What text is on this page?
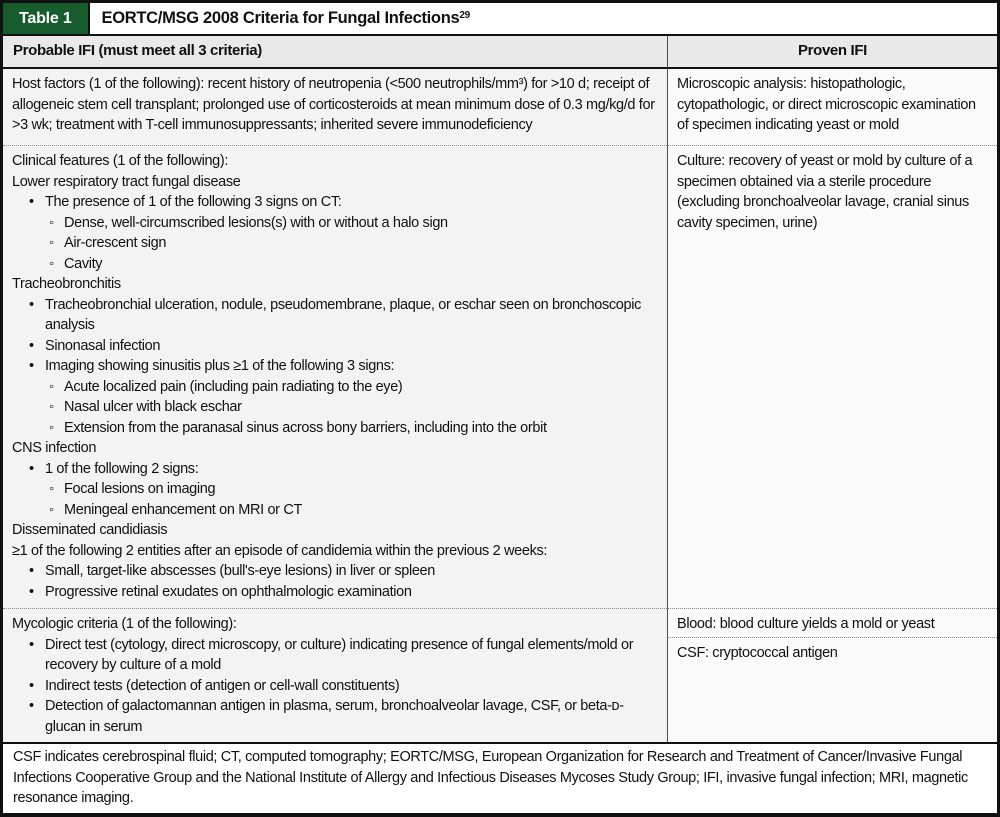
Table 1	EORTC/MSG 2008 Criteria for Fungal Infections 29
Probable IFI (must meet all 3 criteria)	Proven IFI
Host factors (1 of the following): recent history of neutropenia (<500 neutrophils/mm³) for >10 d; receipt of allogeneic stem cell transplant; prolonged use of corticosteroids at mean minimum dose of 0.3 mg/kg/d for >3 wk; treatment with T-cell immunosuppressants; inherited severe immunodeficiency
Microscopic analysis: histopathologic, cytopathologic, or direct microscopic examination of specimen indicating yeast or mold
Clinical features (1 of the following):
Lower respiratory tract fungal disease
• The presence of 1 of the following 3 signs on CT:
◦ Dense, well-circumscribed lesions(s) with or without a halo sign
◦ Air-crescent sign
◦ Cavity
Tracheobronchitis
• Tracheobronchial ulceration, nodule, pseudomembrane, plaque, or eschar seen on bronchoscopic analysis
• Sinonasal infection
• Imaging showing sinusitis plus ≥1 of the following 3 signs:
◦ Acute localized pain (including pain radiating to the eye)
◦ Nasal ulcer with black eschar
◦ Extension from the paranasal sinus across bony barriers, including into the orbit
CNS infection
• 1 of the following 2 signs:
◦ Focal lesions on imaging
◦ Meningeal enhancement on MRI or CT
Disseminated candidiasis
≥1 of the following 2 entities after an episode of candidemia within the previous 2 weeks:
• Small, target-like abscesses (bull's-eye lesions) in liver or spleen
• Progressive retinal exudates on ophthalmologic examination
Culture: recovery of yeast or mold by culture of a specimen obtained via a sterile procedure (excluding bronchoalveolar lavage, cranial sinus cavity specimen, urine)
Mycologic criteria (1 of the following):
• Direct test (cytology, direct microscopy, or culture) indicating presence of fungal elements/mold or recovery by culture of a mold
• Indirect tests (detection of antigen or cell-wall constituents)
• Detection of galactomannan antigen in plasma, serum, bronchoalveolar lavage, CSF, or beta-ᴅ-glucan in serum
Blood: blood culture yields a mold or yeast
CSF: cryptococcal antigen
CSF indicates cerebrospinal fluid; CT, computed tomography; EORTC/MSG, European Organization for Research and Treatment of Cancer/Invasive Fungal Infections Cooperative Group and the National Institute of Allergy and Infectious Diseases Mycoses Study Group; IFI, invasive fungal infection; MRI, magnetic resonance imaging.
